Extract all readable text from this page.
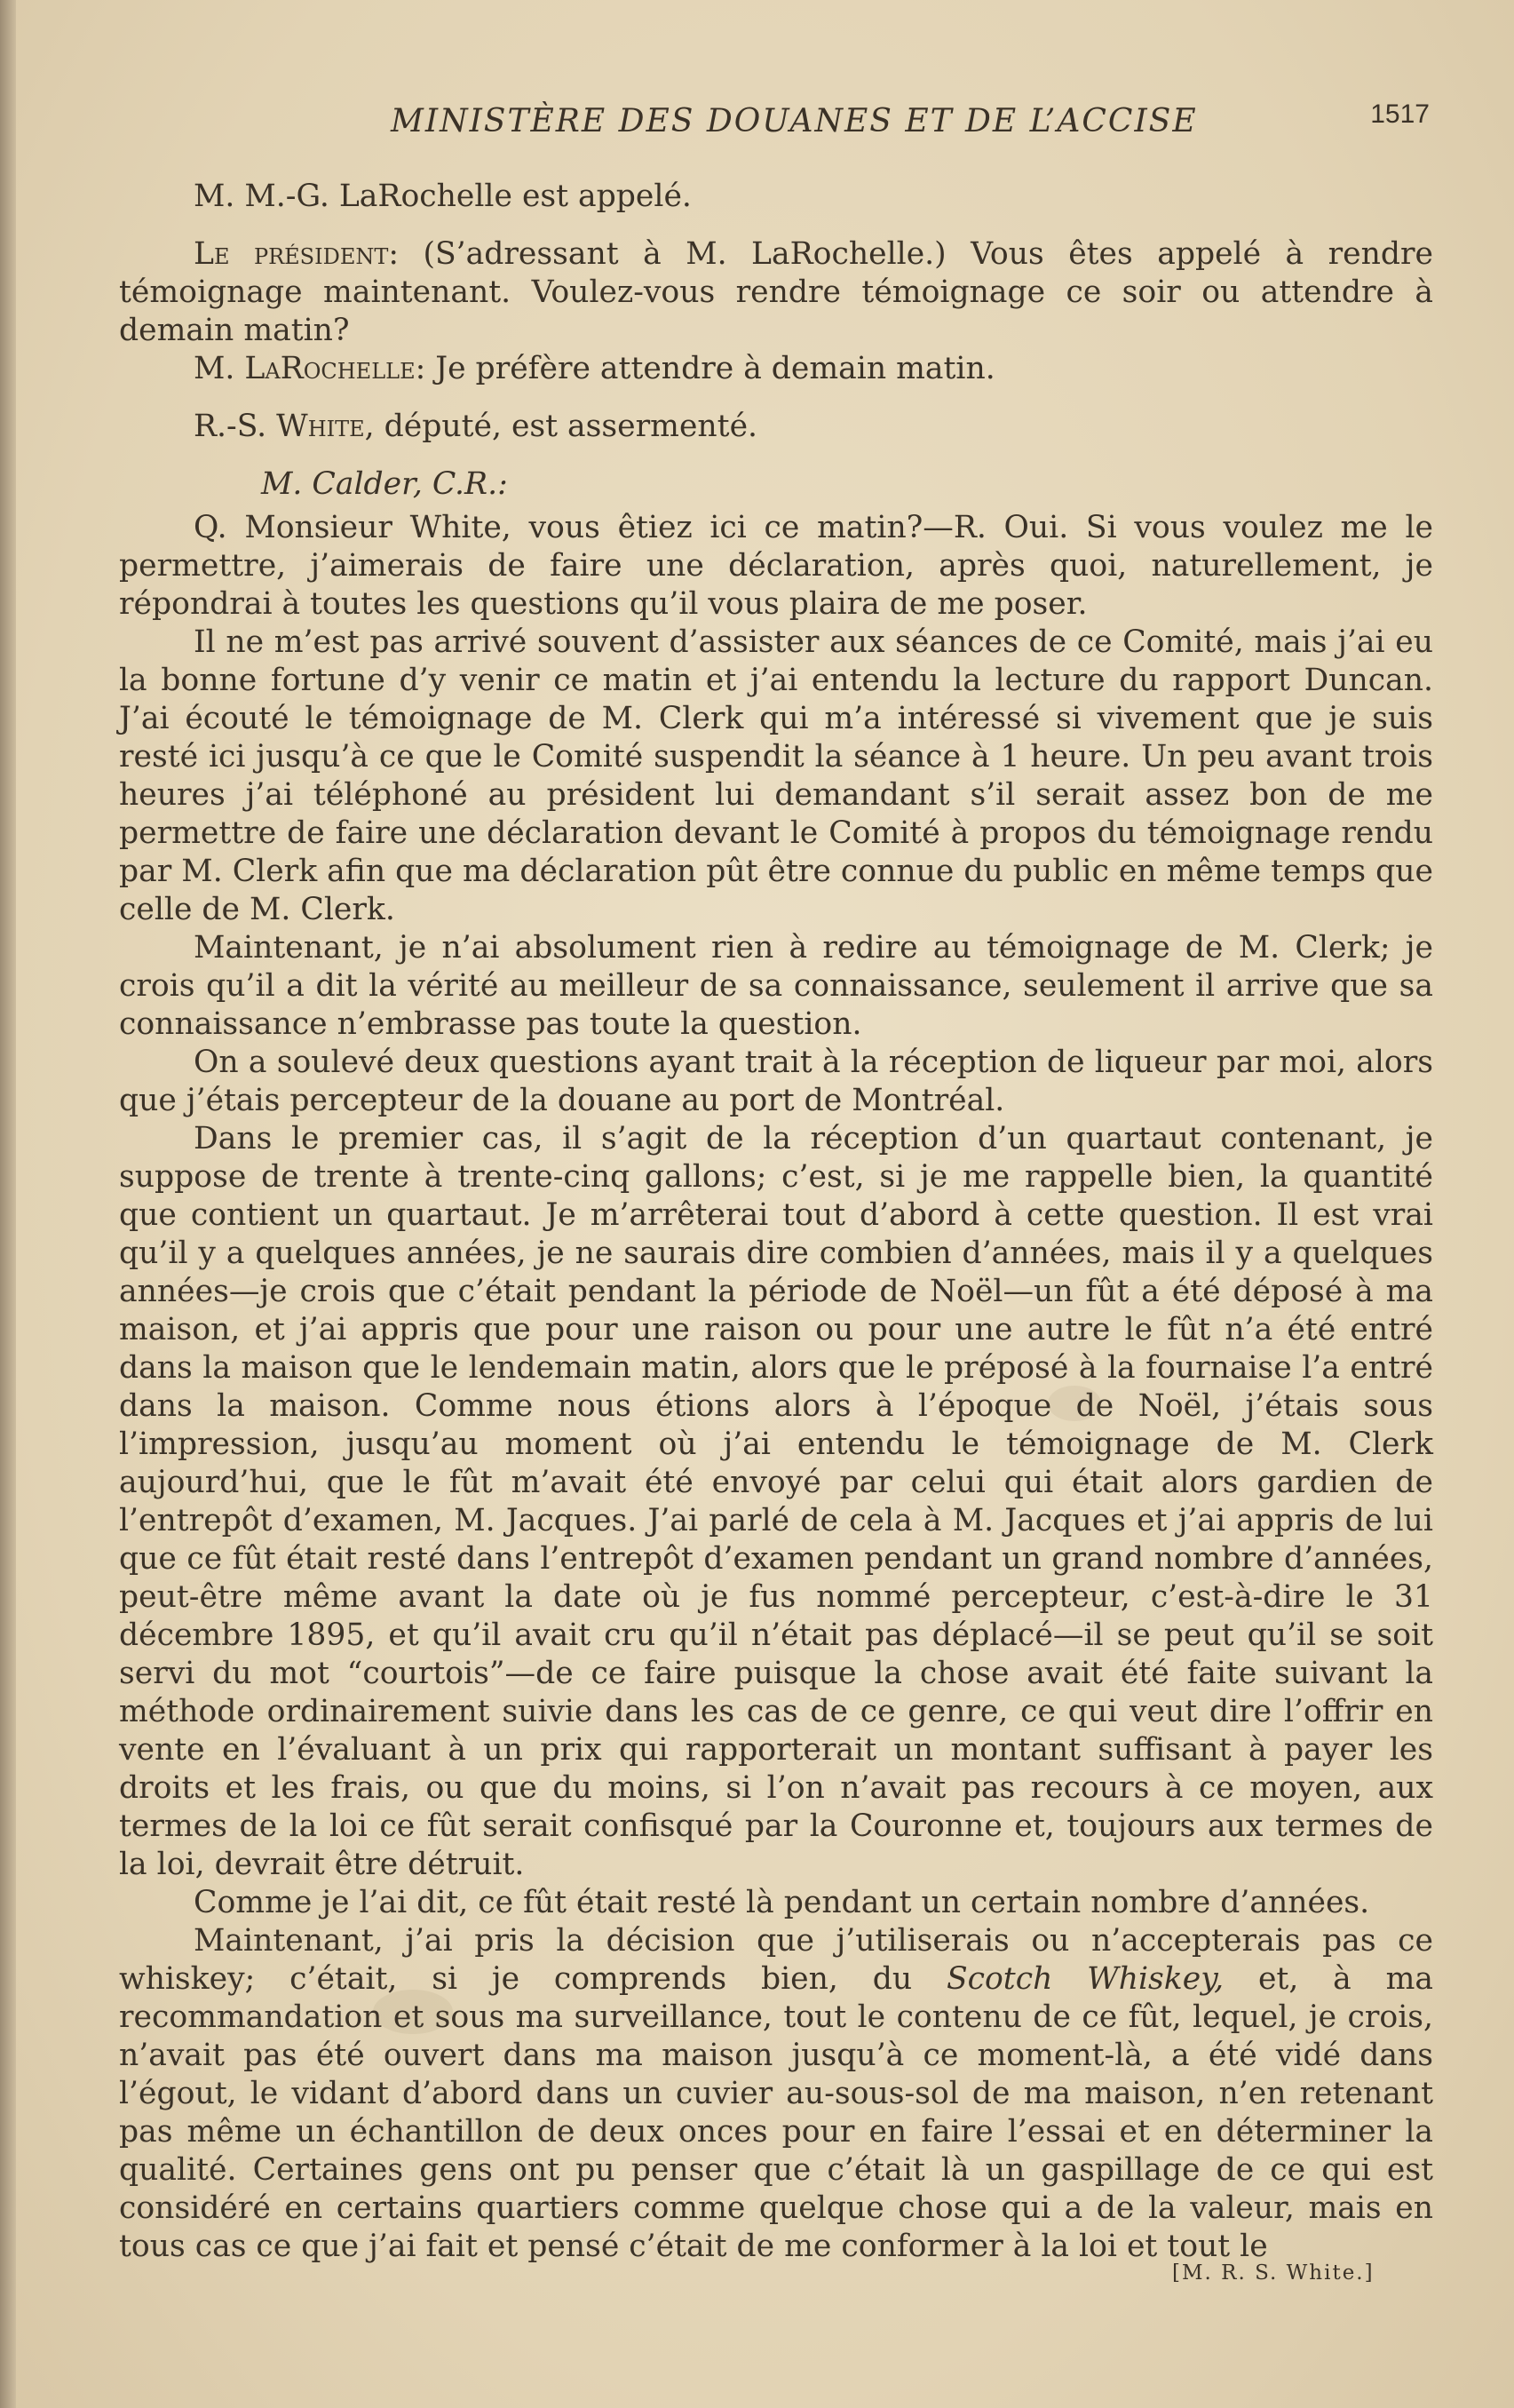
MINISTÈRE DES DOUANES ET DE L’ACCISE	1517

M. M.-G. LaRochelle est appelé.

Le président: (S’adressant à M. LaRochelle.) Vous êtes appelé à rendre témoignage maintenant. Voulez-vous rendre témoignage ce soir ou attendre à demain matin?

M. LaRochelle: Je préfère attendre à demain matin.

R.-S. White, député, est assermenté.

M. Calder, C.R.:

Q. Monsieur White, vous êtiez ici ce matin?—R. Oui. Si vous voulez me le permettre, j’aimerais de faire une déclaration, après quoi, naturellement, je répondrai à toutes les questions qu’il vous plaira de me poser.

Il ne m’est pas arrivé souvent d’assister aux séances de ce Comité, mais j’ai eu la bonne fortune d’y venir ce matin et j’ai entendu la lecture du rapport Duncan. J’ai écouté le témoignage de M. Clerk qui m’a intéressé si vivement que je suis resté ici jusqu’à ce que le Comité suspendit la séance à 1 heure. Un peu avant trois heures j’ai téléphoné au président lui demandant s’il serait assez bon de me permettre de faire une déclaration devant le Comité à propos du témoignage rendu par M. Clerk afin que ma déclaration pût être connue du public en même temps que celle de M. Clerk.

Maintenant, je n’ai absolument rien à redire au témoignage de M. Clerk; je crois qu’il a dit la vérité au meilleur de sa connaissance, seulement il arrive que sa connaissance n’embrasse pas toute la question.

On a soulevé deux questions ayant trait à la réception de liqueur par moi, alors que j’étais percepteur de la douane au port de Montréal.

Dans le premier cas, il s’agit de la réception d’un quartaut contenant, je suppose de trente à trente-cinq gallons; c’est, si je me rappelle bien, la quantité que contient un quartaut. Je m’arrêterai tout d’abord à cette question. Il est vrai qu’il y a quelques années, je ne saurais dire combien d’années, mais il y a quelques années—je crois que c’était pendant la période de Noël—un fût a été déposé à ma maison, et j’ai appris que pour une raison ou pour une autre le fût n’a été entré dans la maison que le lendemain matin, alors que le préposé à la fournaise l’a entré dans la maison. Comme nous étions alors à l’époque de Noël, j’étais sous l’impression, jusqu’au moment où j’ai entendu le témoignage de M. Clerk aujourd’hui, que le fût m’avait été envoyé par celui qui était alors gardien de l’entrepôt d’examen, M. Jacques. J’ai parlé de cela à M. Jacques et j’ai appris de lui que ce fût était resté dans l’entrepôt d’examen pendant un grand nombre d’années, peut-être même avant la date où je fus nommé percepteur, c’est-à-dire le 31 décembre 1895, et qu’il avait cru qu’il n’était pas déplacé—il se peut qu’il se soit servi du mot “courtois”—de ce faire puisque la chose avait été faite suivant la méthode ordinairement suivie dans les cas de ce genre, ce qui veut dire l’offrir en vente en l’évaluant à un prix qui rapporterait un montant suffisant à payer les droits et les frais, ou que du moins, si l’on n’avait pas recours à ce moyen, aux termes de la loi ce fût serait confisqué par la Couronne et, toujours aux termes de la loi, devrait être détruit.

Comme je l’ai dit, ce fût était resté là pendant un certain nombre d’années.

Maintenant, j’ai pris la décision que j’utiliserais ou n’accepterais pas ce whiskey; c’était, si je comprends bien, du Scotch Whiskey, et, à ma recommandation et sous ma surveillance, tout le contenu de ce fût, lequel, je crois, n’avait pas été ouvert dans ma maison jusqu’à ce moment-là, a été vidé dans l’égout, le vidant d’abord dans un cuvier au-sous-sol de ma maison, n’en retenant pas même un échantillon de deux onces pour en faire l’essai et en déterminer la qualité. Certaines gens ont pu penser que c’était là un gaspillage de ce qui est considéré en certains quartiers comme quelque chose qui a de la valeur, mais en tous cas ce que j’ai fait et pensé c’était de me conformer à la loi et tout le

[M. R. S. White.]
